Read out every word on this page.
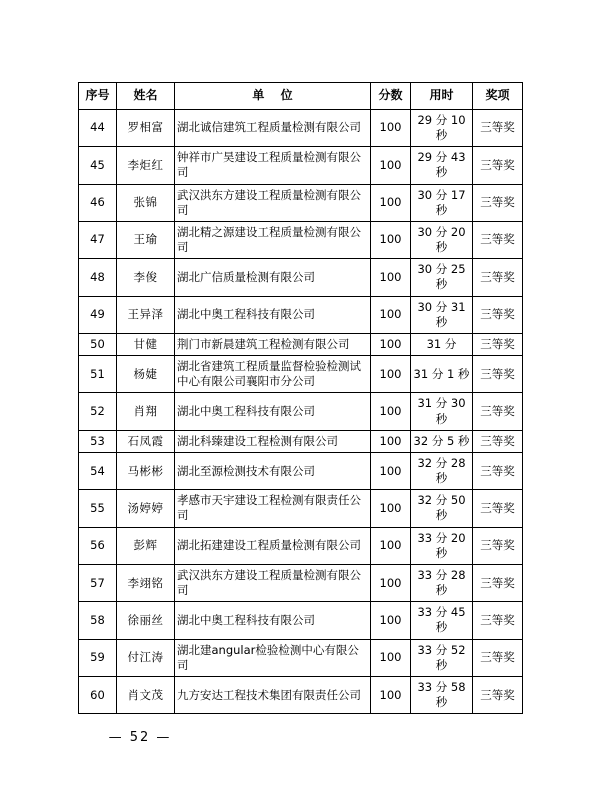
序号	姓名	单 位	分数	用时	奖项
44	罗相富	湖北诚信建筑工程质量检测有限公司	100	29 分 10 秒	三等奖
45	李炬红	钟祥市广昊建设工程质量检测有限公司	100	29 分 43 秒	三等奖
46	张锦	武汉洪东方建设工程质量检测有限公司	100	30 分 17 秒	三等奖
47	王瑜	湖北精之源建设工程质量检测有限公司	100	30 分 20 秒	三等奖
48	李俊	湖北广信质量检测有限公司	100	30 分 25 秒	三等奖
49	王异泽	湖北中奥工程科技有限公司	100	30 分 31 秒	三等奖
50	甘健	荆门市新晨建筑工程检测有限公司	100	31 分	三等奖
51	杨婕	湖北省建筑工程质量监督检验检测试中心有限公司襄阳市分公司	100	31 分 1 秒	三等奖
52	肖翔	湖北中奥工程科技有限公司	100	31 分 30 秒	三等奖
53	石凤霞	湖北科臻建设工程检测有限公司	100	32 分 5 秒	三等奖
54	马彬彬	湖北至源检测技术有限公司	100	32 分 28 秒	三等奖
55	汤婷婷	孝感市天宇建设工程检测有限责任公司	100	32 分 50 秒	三等奖
56	彭辉	湖北拓建建设工程质量检测有限公司	100	33 分 20 秒	三等奖
57	李翊铭	武汉洪东方建设工程质量检测有限公司	100	33 分 28 秒	三等奖
58	徐丽丝	湖北中奥工程科技有限公司	100	33 分 45 秒	三等奖
59	付江涛	湖北建angular检验检测中心有限公司	100	33 分 52 秒	三等奖
60	肖文茂	九方安达工程技术集团有限责任公司	100	33 分 58 秒	三等奖
— 52 —
